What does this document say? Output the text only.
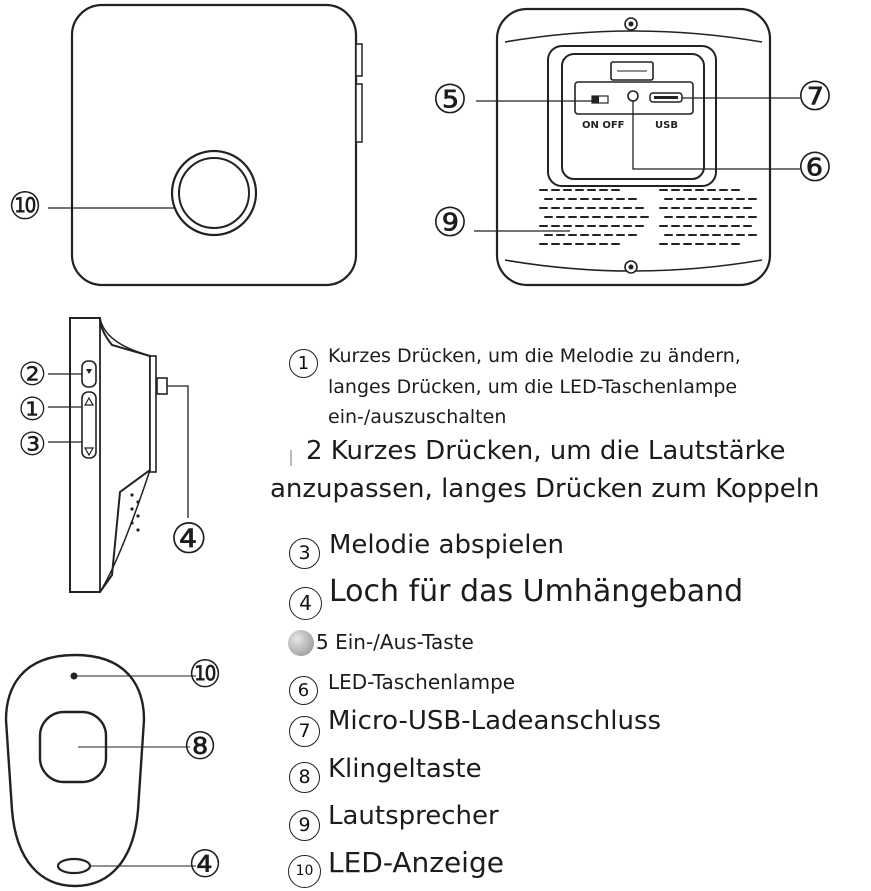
ON OFF	USB
⑩
⑤	⑦
⑥
⑨
②
①
③
④
⑩
⑧
④
1 Kurzes Drücken, um die Melodie zu ändern,
langes Drücken, um die LED-Taschenlampe
ein-/auszuschalten
2 Kurzes Drücken, um die Lautstärke
anzupassen, langes Drücken zum Koppeln
3 Melodie abspielen
4 Loch für das Umhängeband
5 Ein-/Aus-Taste
6 LED-Taschenlampe
7 Micro-USB-Ladeanschluss
8 Klingeltaste
9 Lautsprecher
10 LED-Anzeige
